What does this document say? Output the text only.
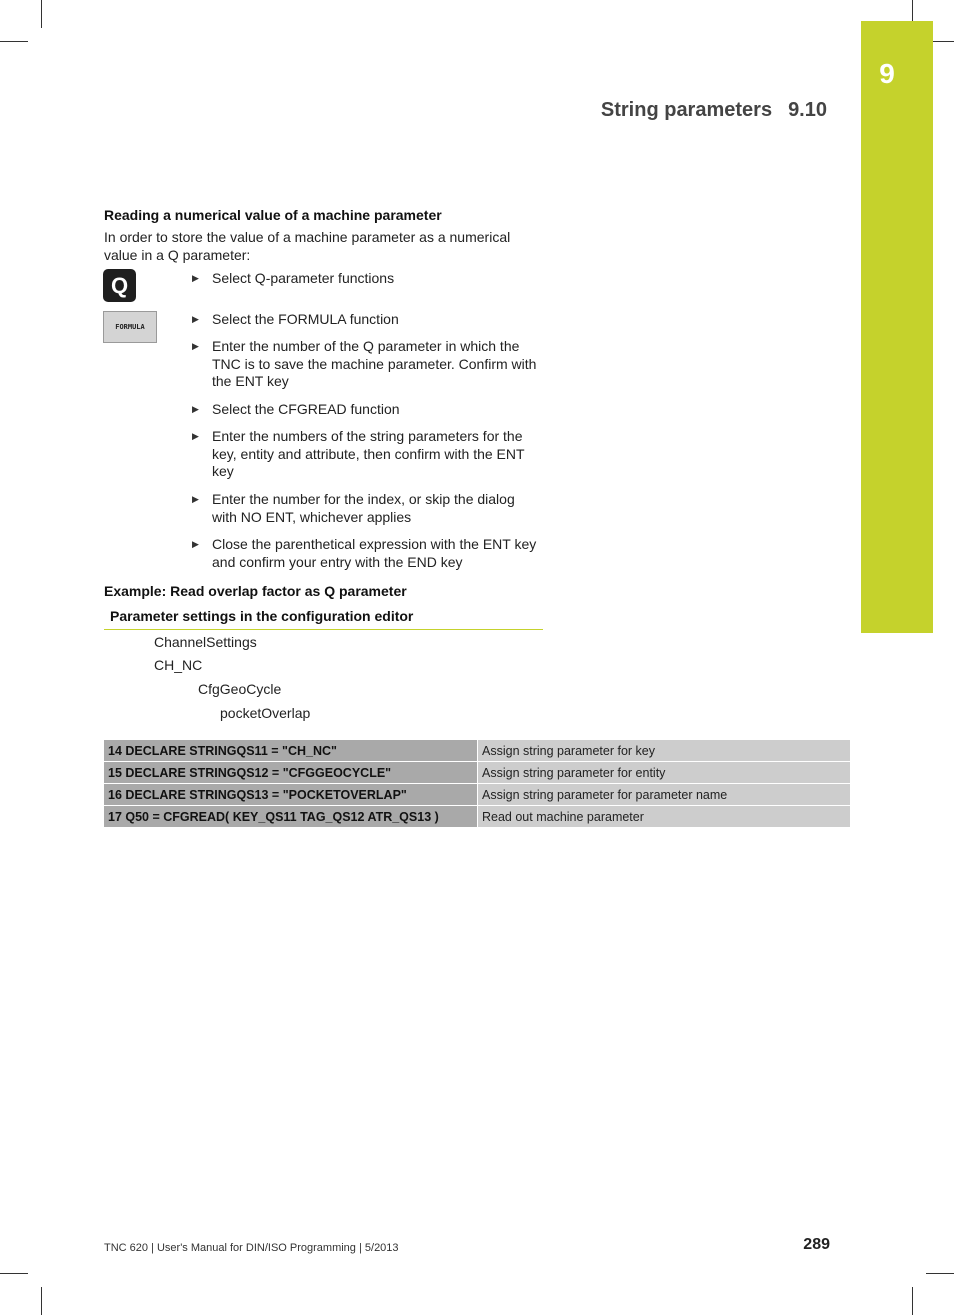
9
String parameters 9.10
Reading a numerical value of a machine parameter
In order to store the value of a machine parameter as a numerical value in a Q parameter:
Q
FORMULA
▶ Select Q-parameter functions
▶ Select the FORMULA function
▶ Enter the number of the Q parameter in which the TNC is to save the machine parameter. Confirm with the ENT key
▶ Select the CFGREAD function
▶ Enter the numbers of the string parameters for the key, entity and attribute, then confirm with the ENT key
▶ Enter the number for the index, or skip the dialog with NO ENT, whichever applies
▶ Close the parenthetical expression with the ENT key and confirm your entry with the END key
Example: Read overlap factor as Q parameter
Parameter settings in the configuration editor
ChannelSettings
CH_NC
CfgGeoCycle
pocketOverlap
14 DECLARE STRINGQS11 = "CH_NC"	Assign string parameter for key
15 DECLARE STRINGQS12 = "CFGGEOCYCLE"	Assign string parameter for entity
16 DECLARE STRINGQS13 = "POCKETOVERLAP"	Assign string parameter for parameter name
17 Q50 = CFGREAD( KEY_QS11 TAG_QS12 ATR_QS13 )	Read out machine parameter
TNC 620 | User's Manual for DIN/ISO Programming | 5/2013	289
